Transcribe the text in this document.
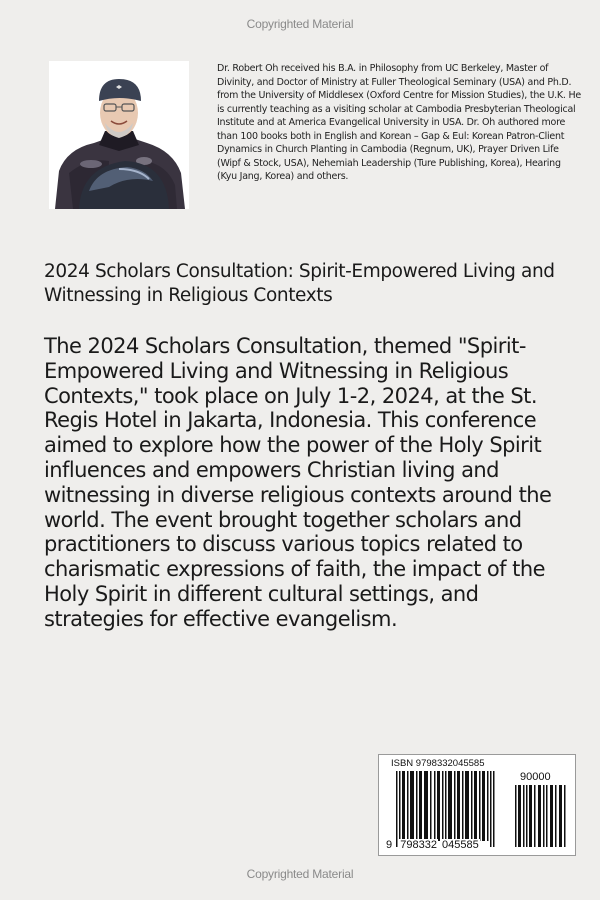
Copyrighted Material
Dr. Robert Oh received his B.A. in Philosophy from UC Berkeley, Master of Divinity, and Doctor of Ministry at Fuller Theological Seminary (USA) and Ph.D. from the University of Middlesex (Oxford Centre for Mission Studies), the U.K. He is currently teaching as a visiting scholar at Cambodia Presbyterian Theological Institute and at America Evangelical University in USA. Dr. Oh authored more than 100 books both in English and Korean – Gap & Eul: Korean Patron-Client Dynamics in Church Planting in Cambodia (Regnum, UK), Prayer Driven Life (Wipf & Stock, USA), Nehemiah Leadership (Ture Publishing, Korea), Hearing (Kyu Jang, Korea) and others.
2024 Scholars Consultation: Spirit-Empowered Living and Witnessing in Religious Contexts
The 2024 Scholars Consultation, themed "Spirit-Empowered Living and Witnessing in Religious Contexts," took place on July 1-2, 2024, at the St. Regis Hotel in Jakarta, Indonesia. This conference aimed to explore how the power of the Holy Spirit influences and empowers Christian living and witnessing in diverse religious contexts around the world. The event brought together scholars and practitioners to discuss various topics related to charismatic expressions of faith, the impact of the Holy Spirit in different cultural settings, and strategies for effective evangelism.
ISBN 9798332045585
90000
9 798332 045585
Copyrighted Material
